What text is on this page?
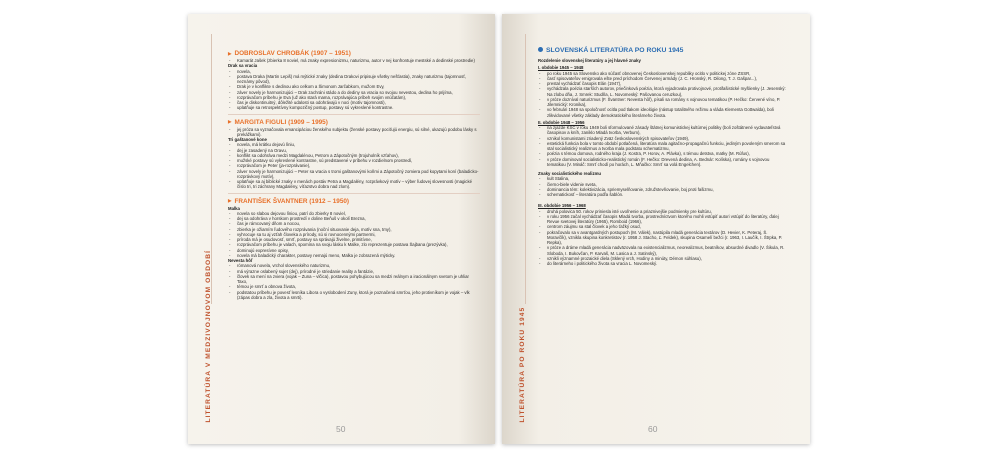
LITERATÚRA V MEDZIVOJNOVOM OBDOBÍ
▶ DOBROSLAV CHROBÁK (1907 – 1951)
- Kamarát Jašek (zbierka 8 noviel, má znaky expresionizmu, naturizmu, autor v nej konfrontuje mestské a dedinské prostredie)
Drak sa vracia
- novela,
- postava Draka (Martin Lepiš) má mýtické znaky (dedina Drakovi pripisuje všetky nešťastia), znaky naturizmu (tajomnosť, neznámy pôvod),
- Drak je v konflikte s dedinou ako celkom a Šimonom Jarčabkom, mužom Evy,
- záver novely je harmonizujúci – Drak zachráni stádo a do dediny sa vracia so svojou nevestou, dedina ho prijíma,
- rozprávačom príbehu je Eva (už ako stará mama, rozprávajúca príbeh svojim vnúčatám),
- čas je diskontinuitný, dôležité udalosti sa odohrávajú v noci (motív tajomnosti),
- uplatňuje sa retrospektívny kompozičný postup, postavy sú vykreslené kontrastne.
▶ MARGITA FIGULI (1909 – 1995)
- jej próza sa vyznačovala emancipáciou ženského subjektu (ženské postavy pociťujú energiu, sú silné, ukazujú podobu lásky s prekážkami).
Tri gaštanové kone
- novela, má krátku dejovú líniu,
- dej je zasadený na Oravu,
- konflikt sa odohráva medzi Magdalénou, Petrom a Zápotočným (trojuholník vzťahov),
- mužské postavy sú vykreslené kontrastne, sú predstavené v príbehu v rozdielnom prostredí,
- rozprávačom je Peter (ja-rozprávanie),
- záver novely je harmonizujúci – Peter sa vracia s tromi gaštanovými koňmi a Zápotočný zomiera pod kopytami koní (baladicko-rozprávkový motív),
- uplatňuje sa aj biblické znaky v menách postáv Petra a Magdalény, rozprávkový motív – výber ľudovej slovesnosti (magické číslo tri, tri záchrany Magdalény, víťazstvo dobra nad zlom).
▶ FRANTIŠEK ŠVANTNER (1912 – 1950)
Malka
- novela so slabou dejovou líniou, patrí do zbierky 8 noviel,
- dej sa odohráva v horskom prostredí v doline Beňuš v okolí Brezna,
- čas je rámcovaný dňom a nocou,
- zbierka je ožiarním ľudového rozprávania (noční situovanie deja, motív sna, tmy),
- vyhrocuje sa tu aj vzťah človeka a prírody, sú si rovnocennými partnermi,
- príroda má je osudovosť, smrť, postavy sa správajú živelne, primitívne,
- rozprávačom príbehu je valach, spomína na svoju lásku k Malke, zlo reprezentuje postava Šajbana (prezývka),
- dominujú expresívne opisy,
- novela má baladický charakter, postavy nemajú meno, Malka je zobrazená mýticky.
Nevesta hôľ
- rómanová novela, vrchol slovenského naturizmu,
- má výrazne oslabený sujet (dej), prírodné je striedanie reality a fantázie,
- človek sa mení na zviera (vojak – Zuna – vlčica), postavou pohybujúcou sa medzi reálnym a iracionálnym svetom je uhliar Taxo,
- témou je smrť a obnova života,
- podstatou príbehu je povesť lesníka Libora o vyslobodení Zuny, ktorá je poznačená smrťou, jeho protivníkom je vojak – vlk (zápas dobra a zla, života a smrti).
50
LITERATÚRA PO ROKU 1945
SLOVENSKÁ LITERATÚRA PO ROKU 1945
Rozdelenie slovenskej literatúry a jej hlavné znaky
I. obdobie 1945 – 1948
- po roku 1945 sa Slovensko ako súčasť obnovenej Československej republiky ocitlo v politickej zóne ZSSR,
- časť spisovateľov emigrovala ešte pred príchodom Červenej armády (J. C. Hronský, R. Dilong, T. J. Gašpar...),
- prestal vychádzať časopis Elán (1947),
- vychádzala poézia starších autorov, priečinková poézia, ktorá vyjadrovala protivojnové, protifašistické myšlienky (J. Jesenský: Na zlobu dňa, J. Smrek: Studňa, L. Novomeský: Pašovanou ceruzkou),
- v próze dozníval naturizmus (F. Švantner: Nevesta hôľ), písali sa romány s vojnovou tematikou (P. Hečko: Červené víno, P. Jilemnický: Kronika),
- vo februári 1948 sa spoločnosť ocitla pod tlakom ideológie (nástup totalitného režimu a vláda Klementa Gottwalda), boli zlikvidované všetky základy demokratického literárneho života.
II. obdobie 1948 – 1956
- na zjazde KSČ v roku 1949 boli sformulované zásady štátnej komunistickej kultúrnej politiky (boli zoštátnené vydavateľstvá časopisov a kníh, zaniklo Mladá tvorba, Verbum),
- vznikol komunistami zriadený Zväz československých spisovateľov (1949),
- estetická funkcia bola v tomto období potlačená, literatúra mala agitačno-propagačnú funkciu, jediným povoleným smerom sa stal socialistický realizmus a tvorba mala podstatu schematizmu,
- poézia s témou domova, rodného kraja (J. Kostra, P. Horov, A. Plávka), s témou detstva, matky (M. Rúfus),
- v próze dominoval socialisticko-realistický román (F. Hečko: Drevená dedina, A. Bednár: Kolíska), romány s vojnovou tematikou (V. Mináč: Smrť chodí po horách, L. Mňačko: Smrť sa volá Engelchen).
Znaky socialistického realizmu
- kult Stalina,
- čierno-biele videnie sveta,
- dominancia tém: kolektivizácia, spriemyselňovanie, združstevňovanie, boj proti fašizmu,
- schematickosť – literatúra podľa šablón.
III. obdobie 1956 – 1968
- druhá polovica 50. rokov priniesla isté uvoľnenie a priaznivejšie podmienky pre kultúru,
- v roku 1956 začal vychádzať časopis Mladá tvorba, prostredníctvom ktorého mohli vstúpiť autori vstúpiť do literatúry, ďalej Revue svetovej literatúry (1965), Romboid (1966),
- centrom záujmu sa stal človek a jeho ťažký osud,
- pokračovalo sa v avantgardných postupoch (M. Válek), nastúpila mladá generácia textárov (D. Hevier, K. Peteraj, Š. Moravčík), vznikla skupina konkretistov (r. 1958 J. Stacho, Ľ. Feldek), skupina Osamelí bežci (r. 1963, I. Laučík, I. Štrpka, P. Repka),
- v próze a dráme mladá generácia nadväzovala na existencializmus, neorealizmus, beatníkov, absurdné divadlo (V. Šikula, R. Sloboda, I. Bukovčan, P. Karvaš, M. Lasica a J. Satinský),
- vznikli významné prozaické diela (Sklený vrch, Hodiny a minúty, Démon súhlasu),
- do literárneho i politického života sa vracia L. Novomeský.
60
